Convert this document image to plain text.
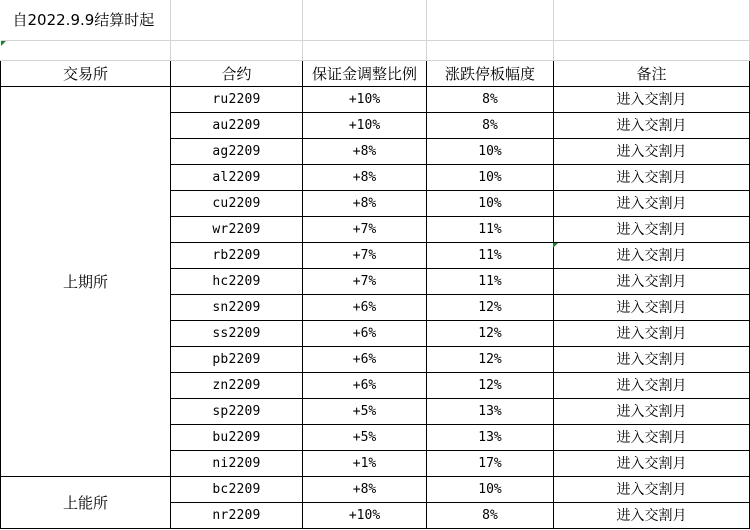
自2022.9.9结算时起				

交易所	合约	保证金调整比例	涨跌停板幅度	备注
上期所	ru2209	+10%	8%	进入交割月
	au2209	+10%	8%	进入交割月
	ag2209	+8%	10%	进入交割月
	al2209	+8%	10%	进入交割月
	cu2209	+8%	10%	进入交割月
	wr2209	+7%	11%	进入交割月
	rb2209	+7%	11%	进入交割月
	hc2209	+7%	11%	进入交割月
	sn2209	+6%	12%	进入交割月
	ss2209	+6%	12%	进入交割月
	pb2209	+6%	12%	进入交割月
	zn2209	+6%	12%	进入交割月
	sp2209	+5%	13%	进入交割月
	bu2209	+5%	13%	进入交割月
	ni2209	+1%	17%	进入交割月
上能所	bc2209	+8%	10%	进入交割月
	nr2209	+10%	8%	进入交割月
